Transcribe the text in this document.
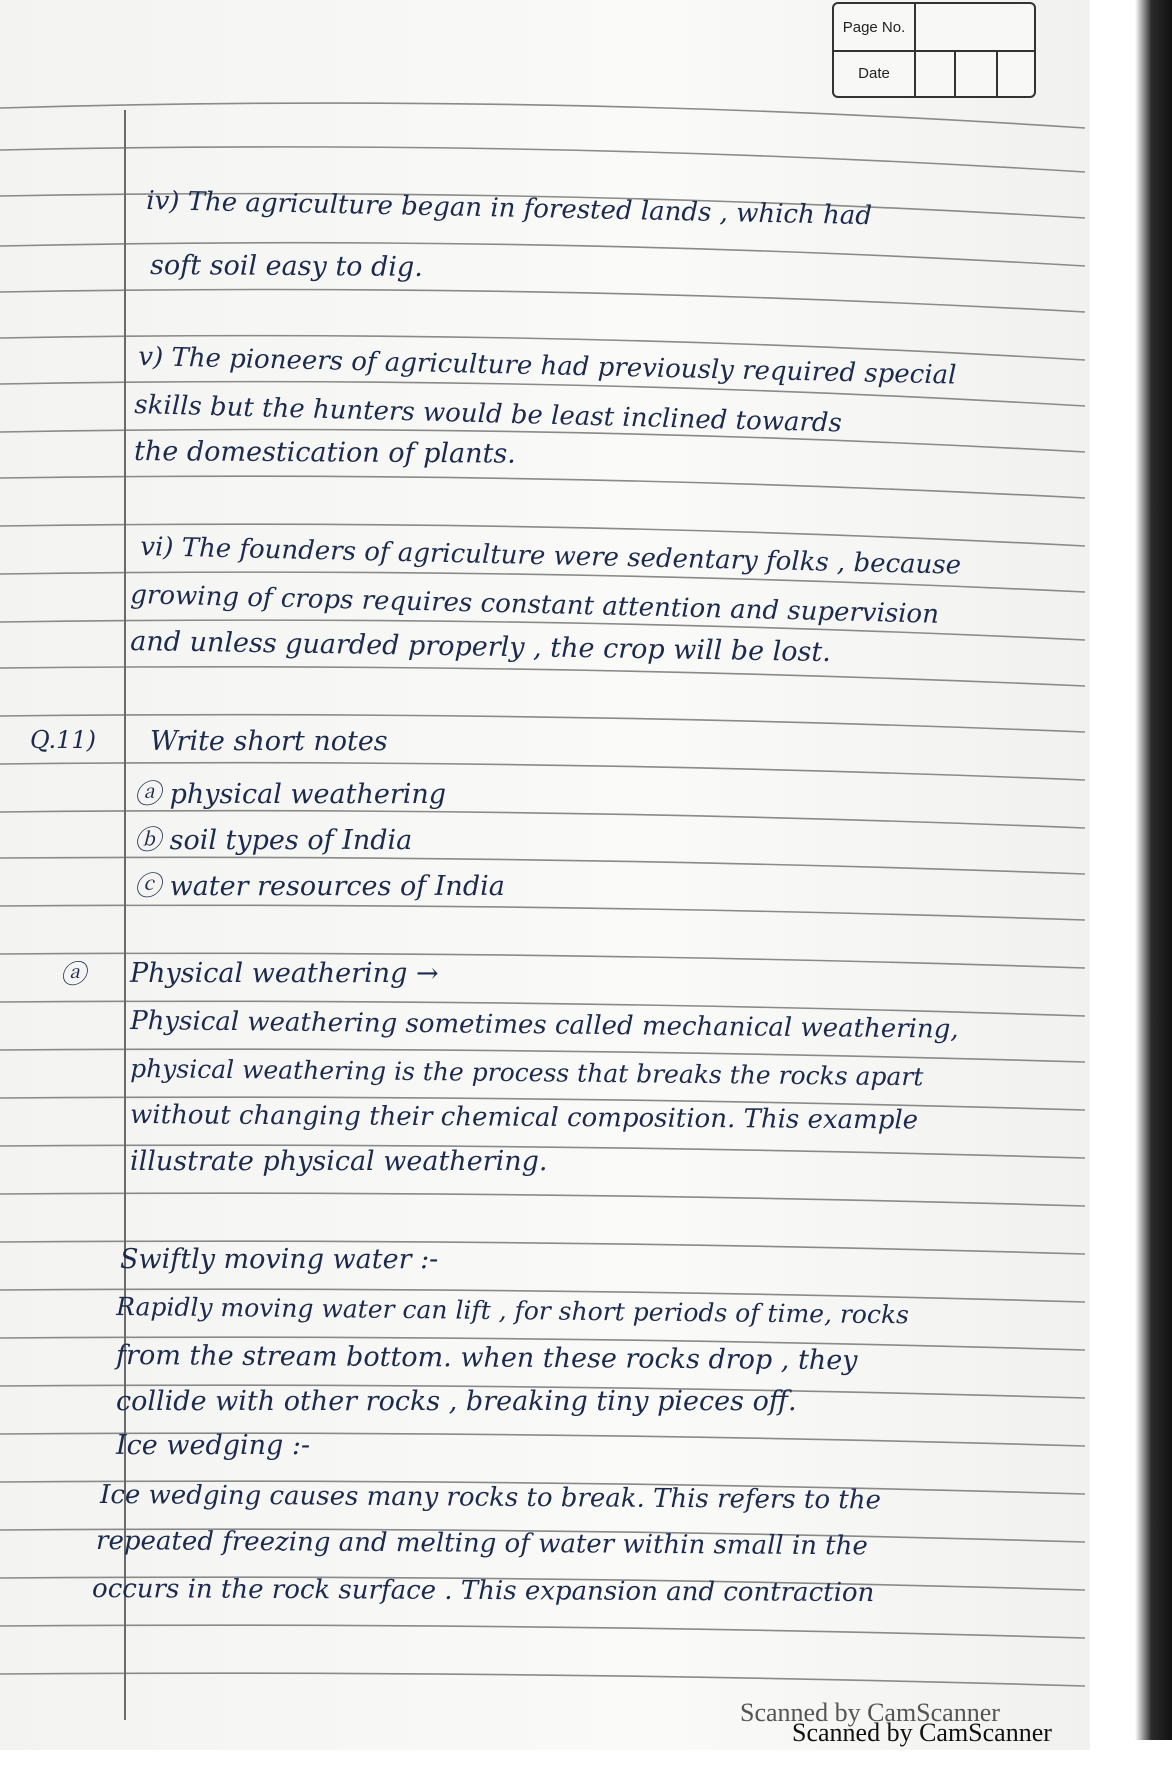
Page No.
Date
iv) The agriculture began in forested lands , which had
soft soil easy to dig.
v) The pioneers of agriculture had previously required special
skills but the hunters would be least inclined towards
the domestication of plants.
vi) The founders of agriculture were sedentary folks , because
growing of crops requires constant attention and supervision
and unless guarded properly , the crop will be lost.
Q.11) Write short notes
ⓐ physical weathering
ⓑ soil types of India
ⓒ water resources of India
ⓐ Physical weathering →
Physical weathering sometimes called mechanical weathering,
physical weathering is the process that breaks the rocks apart
without changing their chemical composition. This example
illustrate physical weathering.
Swiftly moving water :-
Rapidly moving water can lift , for short periods of time, rocks
from the stream bottom. when these rocks drop , they
collide with other rocks , breaking tiny pieces off.
Ice wedging :-
Ice wedging causes many rocks to break. This refers to the
repeated freezing and melting of water within small in the
occurs in the rock surface . This expansion and contraction
Scanned by CamScanner
Scanned by CamScanner
